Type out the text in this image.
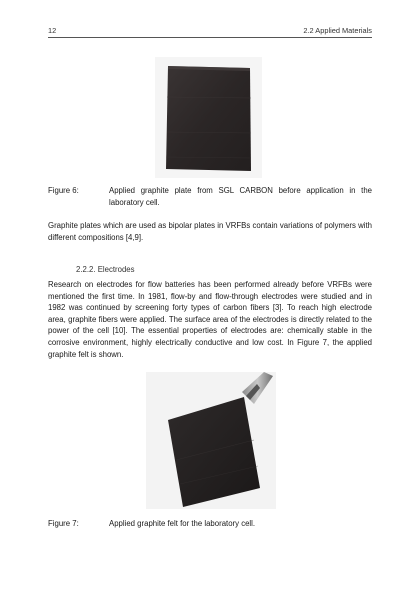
12	2.2 Applied Materials
Figure 6:	Applied graphite plate from SGL CARBON before application in the laboratory cell.

Graphite plates which are used as bipolar plates in VRFBs contain variations of polymers with different compositions [4,9].

2.2.2. Electrodes

Research on electrodes for flow batteries has been performed already before VRFBs were mentioned the first time. In 1981, flow-by and flow-through electrodes were studied and in 1982 was continued by screening forty types of carbon fibers [3]. To reach high electrode area, graphite fibers were applied. The surface area of the electrodes is directly related to the power of the cell [10]. The essential properties of electrodes are: chemically stable in the corrosive environment, highly electrically conductive and low cost. In Figure 7, the applied graphite felt is shown.

Figure 7:	Applied graphite felt for the laboratory cell.
